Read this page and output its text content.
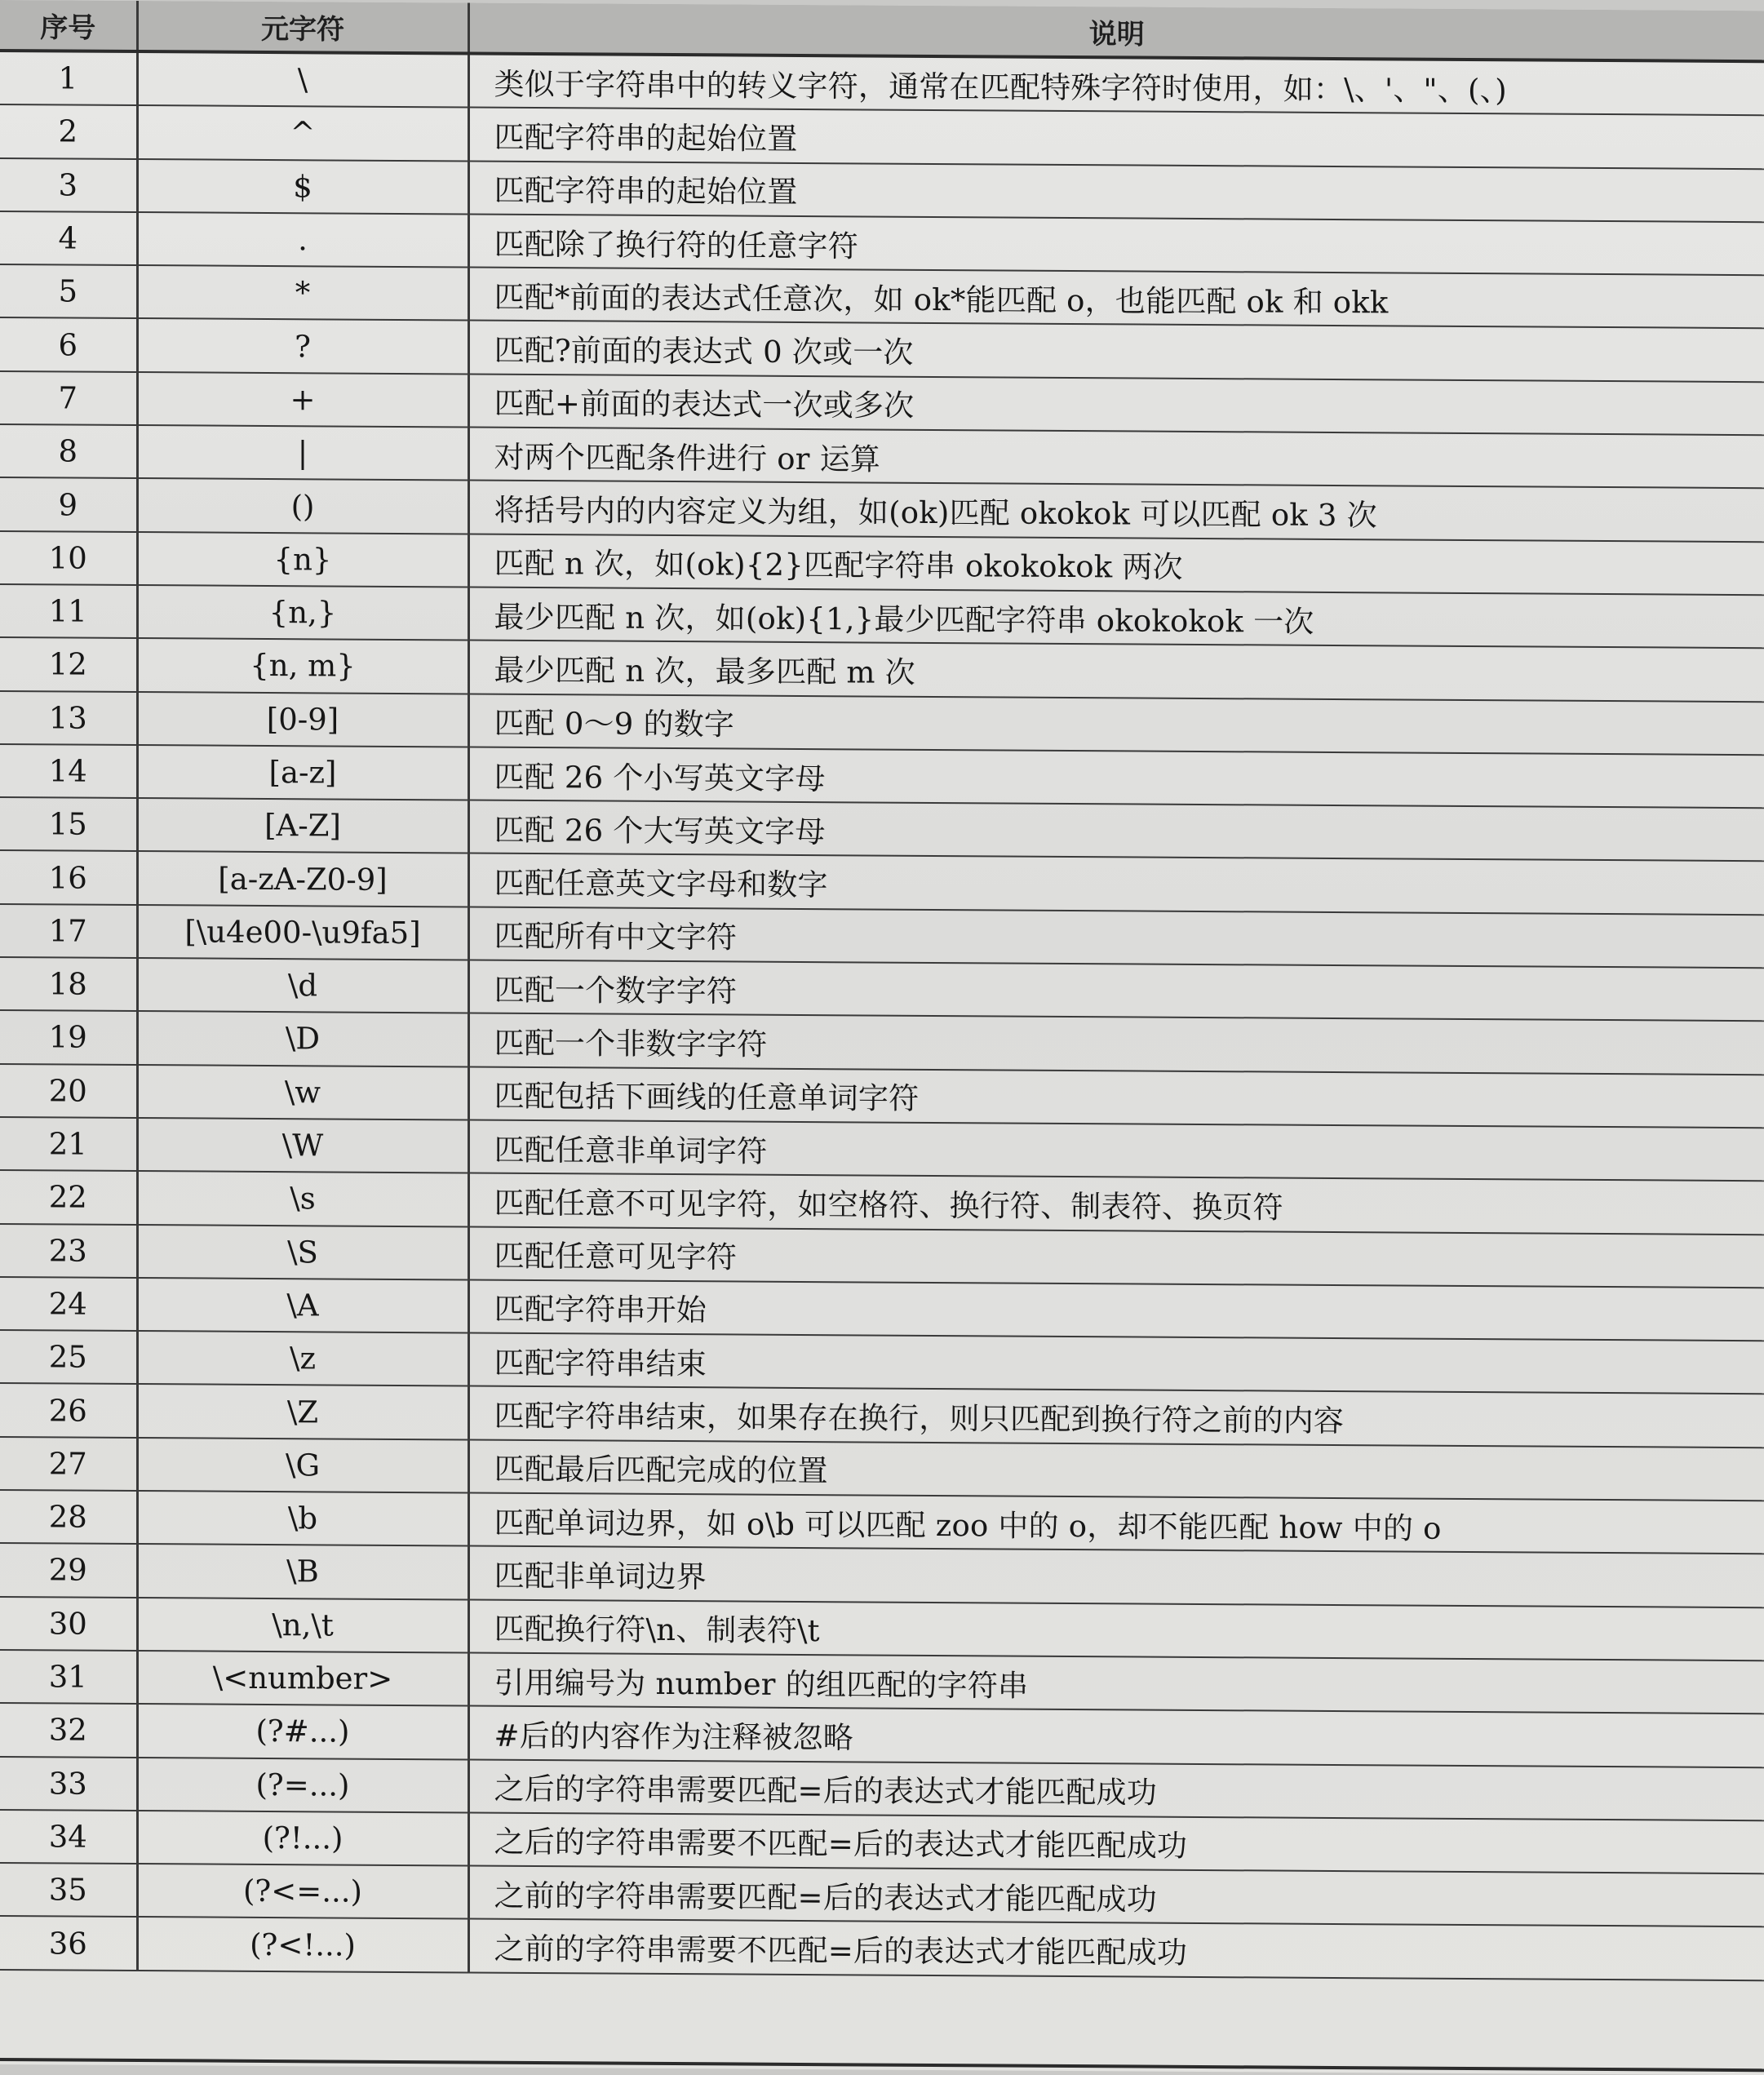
序号	元字符	说明
1	\	类似于字符串中的转义字符，通常在匹配特殊字符时使用，如：\、'、"、(、)
2	^	匹配字符串的起始位置
3	$	匹配字符串的起始位置
4	.	匹配除了换行符的任意字符
5	*	匹配*前面的表达式任意次，如 ok*能匹配 o，也能匹配 ok 和 okk
6	?	匹配?前面的表达式 0 次或一次
7	+	匹配+前面的表达式一次或多次
8	|	对两个匹配条件进行 or 运算
9	()	将括号内的内容定义为组，如(ok)匹配 okokok 可以匹配 ok 3 次
10	{n}	匹配 n 次，如(ok){2}匹配字符串 okokokok 两次
11	{n,}	最少匹配 n 次，如(ok){1,}最少匹配字符串 okokokok 一次
12	{n, m}	最少匹配 n 次，最多匹配 m 次
13	[0-9]	匹配 0～9 的数字
14	[a-z]	匹配 26 个小写英文字母
15	[A-Z]	匹配 26 个大写英文字母
16	[a-zA-Z0-9]	匹配任意英文字母和数字
17	[\u4e00-\u9fa5]	匹配所有中文字符
18	\d	匹配一个数字字符
19	\D	匹配一个非数字字符
20	\w	匹配包括下画线的任意单词字符
21	\W	匹配任意非单词字符
22	\s	匹配任意不可见字符，如空格符、换行符、制表符、换页符
23	\S	匹配任意可见字符
24	\A	匹配字符串开始
25	\z	匹配字符串结束
26	\Z	匹配字符串结束，如果存在换行，则只匹配到换行符之前的内容
27	\G	匹配最后匹配完成的位置
28	\b	匹配单词边界，如 o\b 可以匹配 zoo 中的 o，却不能匹配 how 中的 o
29	\B	匹配非单词边界
30	\n,\t	匹配换行符\n、制表符\t
31	\<number>	引用编号为 number 的组匹配的字符串
32	(?#...)	#后的内容作为注释被忽略
33	(?=...)	之后的字符串需要匹配=后的表达式才能匹配成功
34	(?!...)	之后的字符串需要不匹配=后的表达式才能匹配成功
35	(?<=...)	之前的字符串需要匹配=后的表达式才能匹配成功
36	(?<!...)	之前的字符串需要不匹配=后的表达式才能匹配成功
